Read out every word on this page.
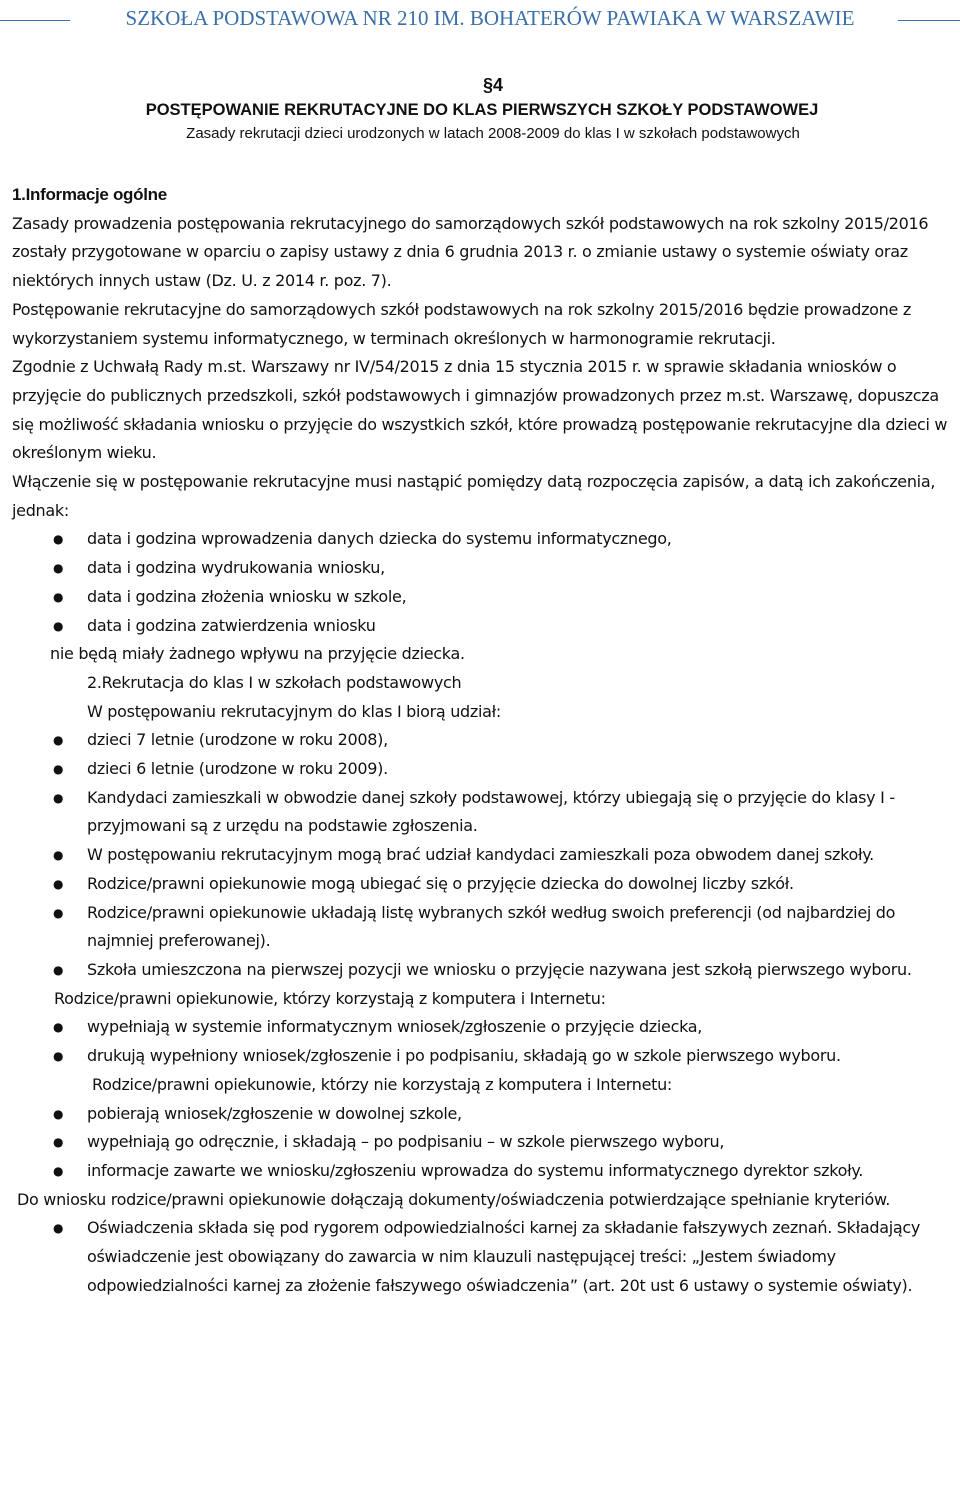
SZKOŁA PODSTAWOWA NR 210 IM. BOHATERÓW PAWIAKA W WARSZAWIE
§4
POSTĘPOWANIE REKRUTACYJNE DO KLAS PIERWSZYCH SZKOŁY PODSTAWOWEJ
Zasady rekrutacji dzieci urodzonych w latach 2008-2009 do klas I w szkołach podstawowych

1.Informacje ogólne

Zasady prowadzenia postępowania rekrutacyjnego do samorządowych szkół podstawowych na rok szkolny 2015/2016 zostały przygotowane w oparciu o zapisy ustawy z dnia 6 grudnia 2013 r. o zmianie ustawy o systemie oświaty oraz niektórych innych ustaw (Dz. U. z 2014 r. poz. 7).

Postępowanie rekrutacyjne do samorządowych szkół podstawowych na rok szkolny 2015/2016 będzie prowadzone z wykorzystaniem systemu informatycznego, w terminach określonych w harmonogramie rekrutacji.

Zgodnie z Uchwałą Rady m.st. Warszawy nr IV/54/2015 z dnia 15 stycznia 2015 r. w sprawie składania wniosków o przyjęcie do publicznych przedszkoli, szkół podstawowych i gimnazjów prowadzonych przez m.st. Warszawę, dopuszcza się możliwość składania wniosku o przyjęcie do wszystkich szkół, które prowadzą postępowanie rekrutacyjne dla dzieci w określonym wieku.

Włączenie się w postępowanie rekrutacyjne musi nastąpić pomiędzy datą rozpoczęcia zapisów, a datą ich zakończenia, jednak:

● data i godzina wprowadzenia danych dziecka do systemu informatycznego,
● data i godzina wydrukowania wniosku,
● data i godzina złożenia wniosku w szkole,
● data i godzina zatwierdzenia wniosku

nie będą miały żadnego wpływu na przyjęcie dziecka.

2.Rekrutacja do klas I w szkołach podstawowych

W postępowaniu rekrutacyjnym do klas I biorą udział:

● dzieci 7 letnie (urodzone w roku 2008),
● dzieci 6 letnie (urodzone w roku 2009).
● Kandydaci zamieszkali w obwodzie danej szkoły podstawowej, którzy ubiegają się o przyjęcie do klasy I - przyjmowani są z urzędu na podstawie zgłoszenia.
● W postępowaniu rekrutacyjnym mogą brać udział kandydaci zamieszkali poza obwodem danej szkoły.
● Rodzice/prawni opiekunowie mogą ubiegać się o przyjęcie dziecka do dowolnej liczby szkół.
● Rodzice/prawni opiekunowie układają listę wybranych szkół według swoich preferencji (od najbardziej do najmniej preferowanej).
● Szkoła umieszczona na pierwszej pozycji we wniosku o przyjęcie nazywana jest szkołą pierwszego wyboru.

Rodzice/prawni opiekunowie, którzy korzystają z komputera i Internetu:

● wypełniają w systemie informatycznym wniosek/zgłoszenie o przyjęcie dziecka,
● drukują wypełniony wniosek/zgłoszenie i po podpisaniu, składają go w szkole pierwszego wyboru.

Rodzice/prawni opiekunowie, którzy nie korzystają z komputera i Internetu:

● pobierają wniosek/zgłoszenie w dowolnej szkole,
● wypełniają go odręcznie, i składają – po podpisaniu – w szkole pierwszego wyboru,
● informacje zawarte we wniosku/zgłoszeniu wprowadza do systemu informatycznego dyrektor szkoły.

Do wniosku rodzice/prawni opiekunowie dołączają dokumenty/oświadczenia potwierdzające spełnianie kryteriów.

● Oświadczenia składa się pod rygorem odpowiedzialności karnej za składanie fałszywych zeznań. Składający oświadczenie jest obowiązany do zawarcia w nim klauzuli następującej treści: „Jestem świadomy odpowiedzialności karnej za złożenie fałszywego oświadczenia” (art. 20t ust 6 ustawy o systemie oświaty).
